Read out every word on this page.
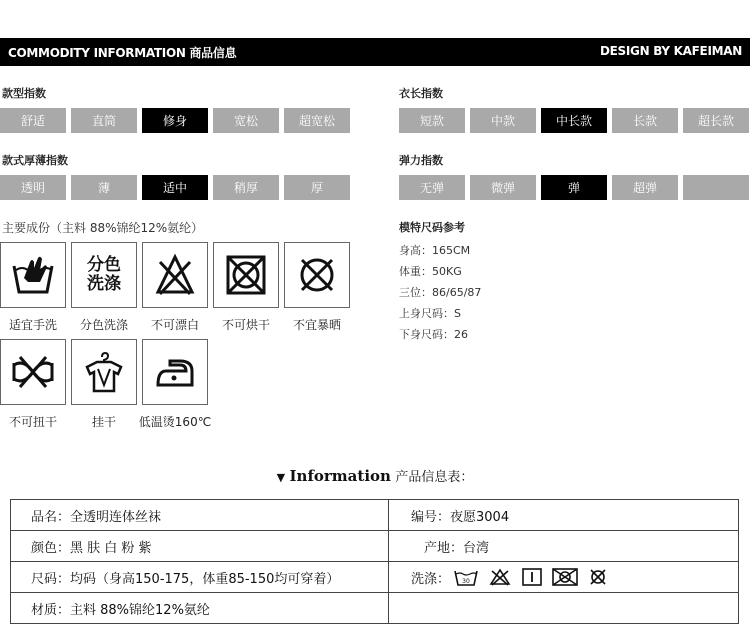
COMMODITY INFORMATION 商品信息	DESIGN BY KAFEIMAN
款型指数
舒适	直筒	修身	宽松	超宽松
衣长指数
短款	中款	中长款	长款	超长款
款式厚薄指数
透明	薄	适中	稍厚	厚
弹力指数
无弹	微弹	弹	超弹
主要成份（主料 88%锦纶12%氨纶）
适宜手洗
分色
洗涤
分色洗涤	不可漂白	不可烘干	不宜暴晒
不可扭干	挂干	低温烫160℃
模特尺码参考
身高：165CM
体重：50KG
三位：86/65/87
上身尺码：S
下身尺码：26
▼ Information 产品信息表：
品名：全透明连体丝袜	编号：夜愿3004
颜色：黑 肤 白 粉 紫	产地：台湾
尺码：均码（身高150-175，体重85-150均可穿着）	洗涤： 30
材质：主料 88%锦纶12%氨纶
